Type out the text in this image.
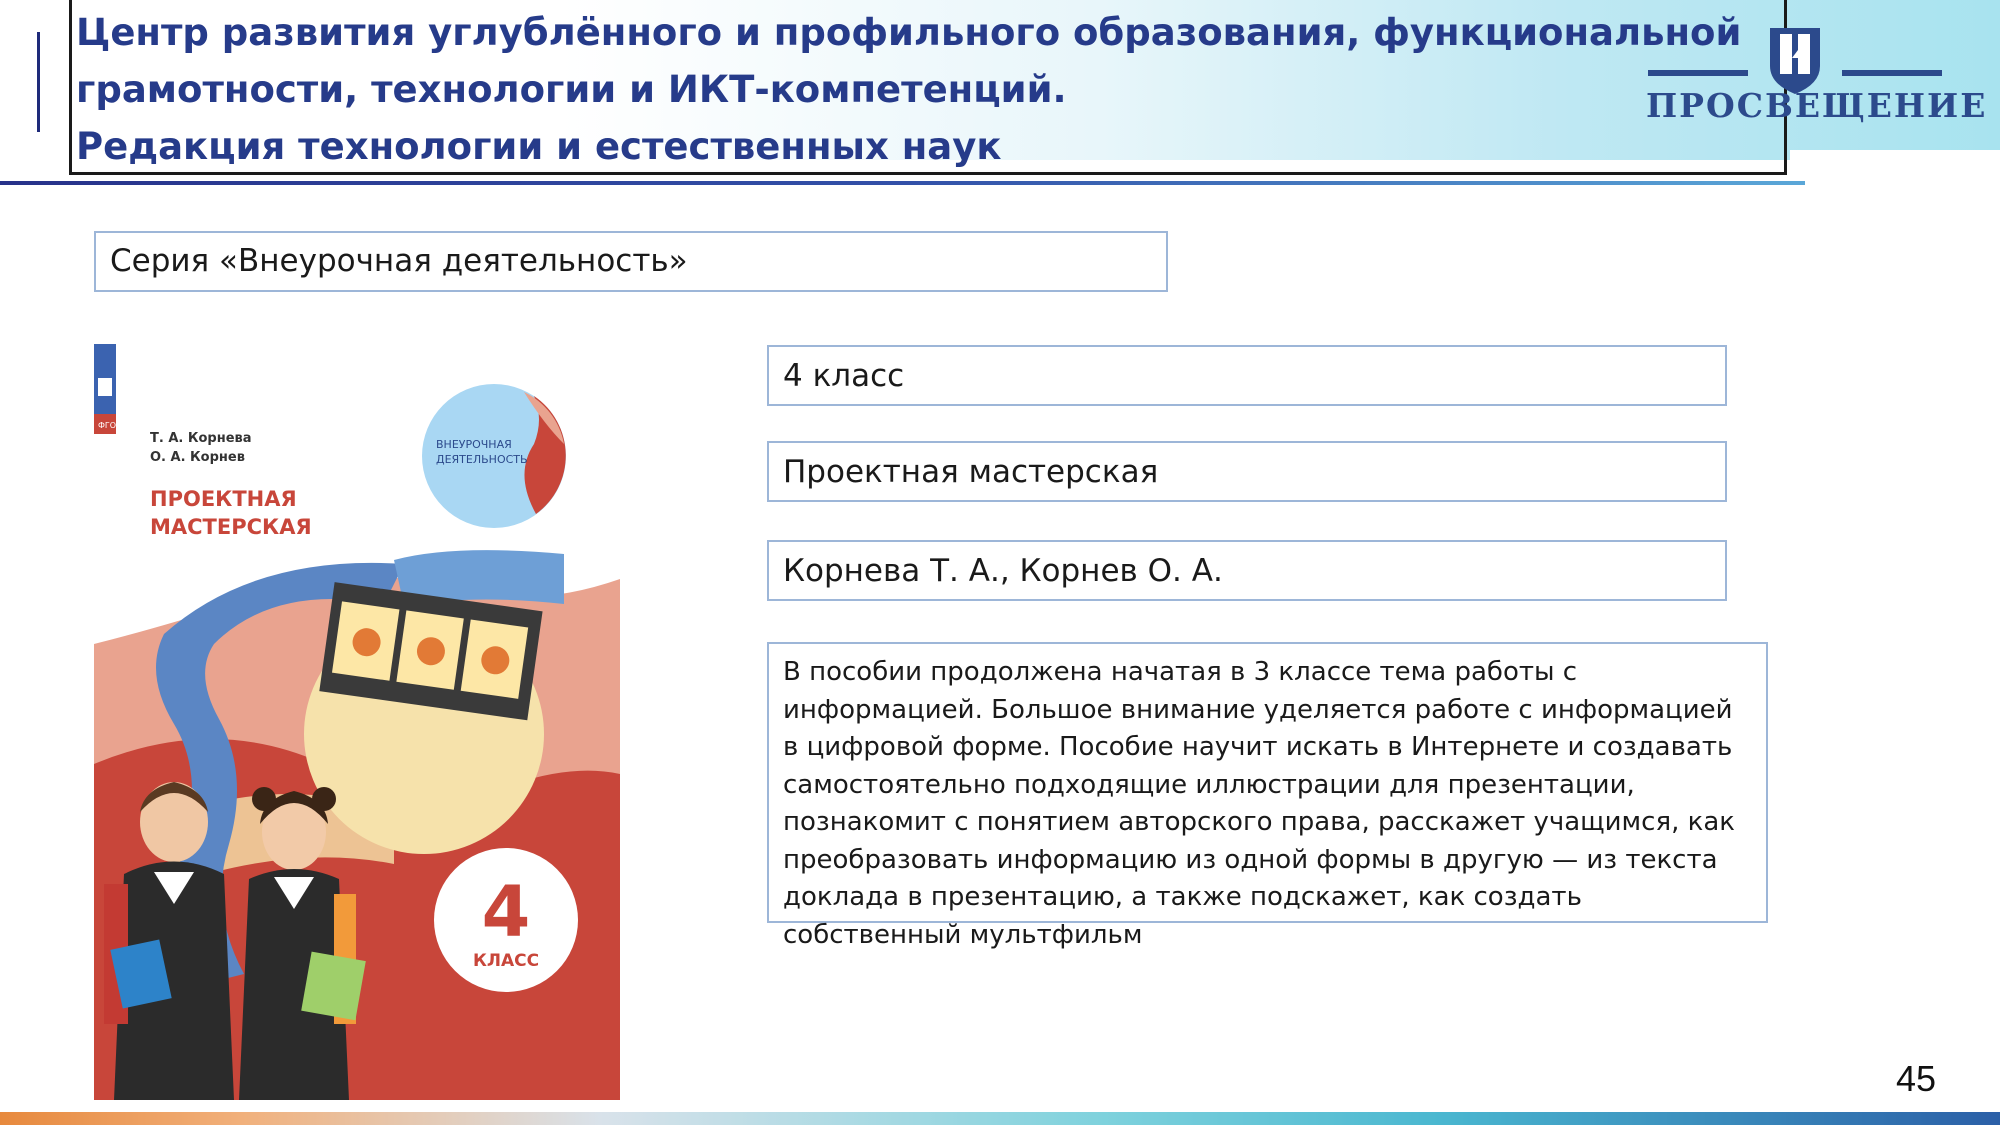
Центр развития углублённого и профильного образования, функциональной
грамотности, технологии и ИКТ-компетенций.
Редакция технологии и естественных наук
ПРОСВЕЩЕНИЕ
Серия «Внеурочная деятельность»
ФГОС
ВНЕУРОЧНАЯ
ДЕЯТЕЛЬНОСТЬ
Т. А. Корнева
О. А. Корнев
ПРОЕКТНАЯ
МАСТЕРСКАЯ
4
КЛАСС
4 класс
Проектная мастерская
Корнева Т. А., Корнев О. А.
В пособии продолжена начатая в 3 классе тема работы с информацией. Большое внимание уделяется работе с информацией в цифровой форме. Пособие научит искать в Интернете и создавать самостоятельно подходящие иллюстрации для презентации, познакомит с понятием авторского права, расскажет учащимся, как преобразовать информацию из одной формы в другую — из текста доклада в презентацию, а также подскажет, как создать собственный мультфильм
45
